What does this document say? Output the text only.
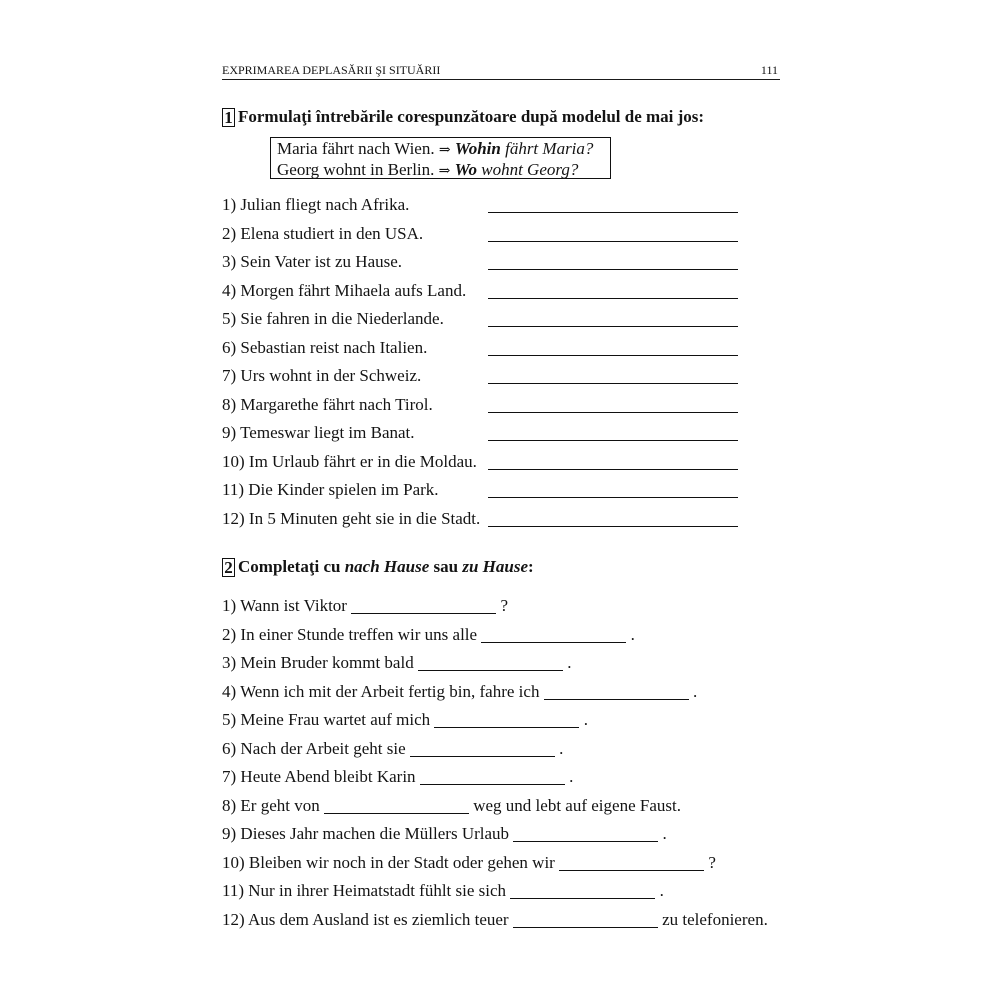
EXPRIMAREA DEPLASĂRII ŞI SITUĂRII	111
1 Formulaţi întrebările corespunzătoare după modelul de mai jos:
Maria fährt nach Wien. ⇒ Wohin fährt Maria?
Georg wohnt in Berlin. ⇒ Wo wohnt Georg?
1) Julian fliegt nach Afrika.
2) Elena studiert in den USA.
3) Sein Vater ist zu Hause.
4) Morgen fährt Mihaela aufs Land.
5) Sie fahren in die Niederlande.
6) Sebastian reist nach Italien.
7) Urs wohnt in der Schweiz.
8) Margarethe fährt nach Tirol.
9) Temeswar liegt im Banat.
10) Im Urlaub fährt er in die Moldau.
11) Die Kinder spielen im Park.
12) In 5 Minuten geht sie in die Stadt.
2 Completaţi cu nach Hause sau zu Hause:
1) Wann ist Viktor	?
2) In einer Stunde treffen wir uns alle	.
3) Mein Bruder kommt bald	.
4) Wenn ich mit der Arbeit fertig bin, fahre ich	.
5) Meine Frau wartet auf mich	.
6) Nach der Arbeit geht sie	.
7) Heute Abend bleibt Karin	.
8) Er geht von	weg und lebt auf eigene Faust.
9) Dieses Jahr machen die Müllers Urlaub	.
10) Bleiben wir noch in der Stadt oder gehen wir	?
11) Nur in ihrer Heimatstadt fühlt sie sich	.
12) Aus dem Ausland ist es ziemlich teuer	zu telefonieren.
